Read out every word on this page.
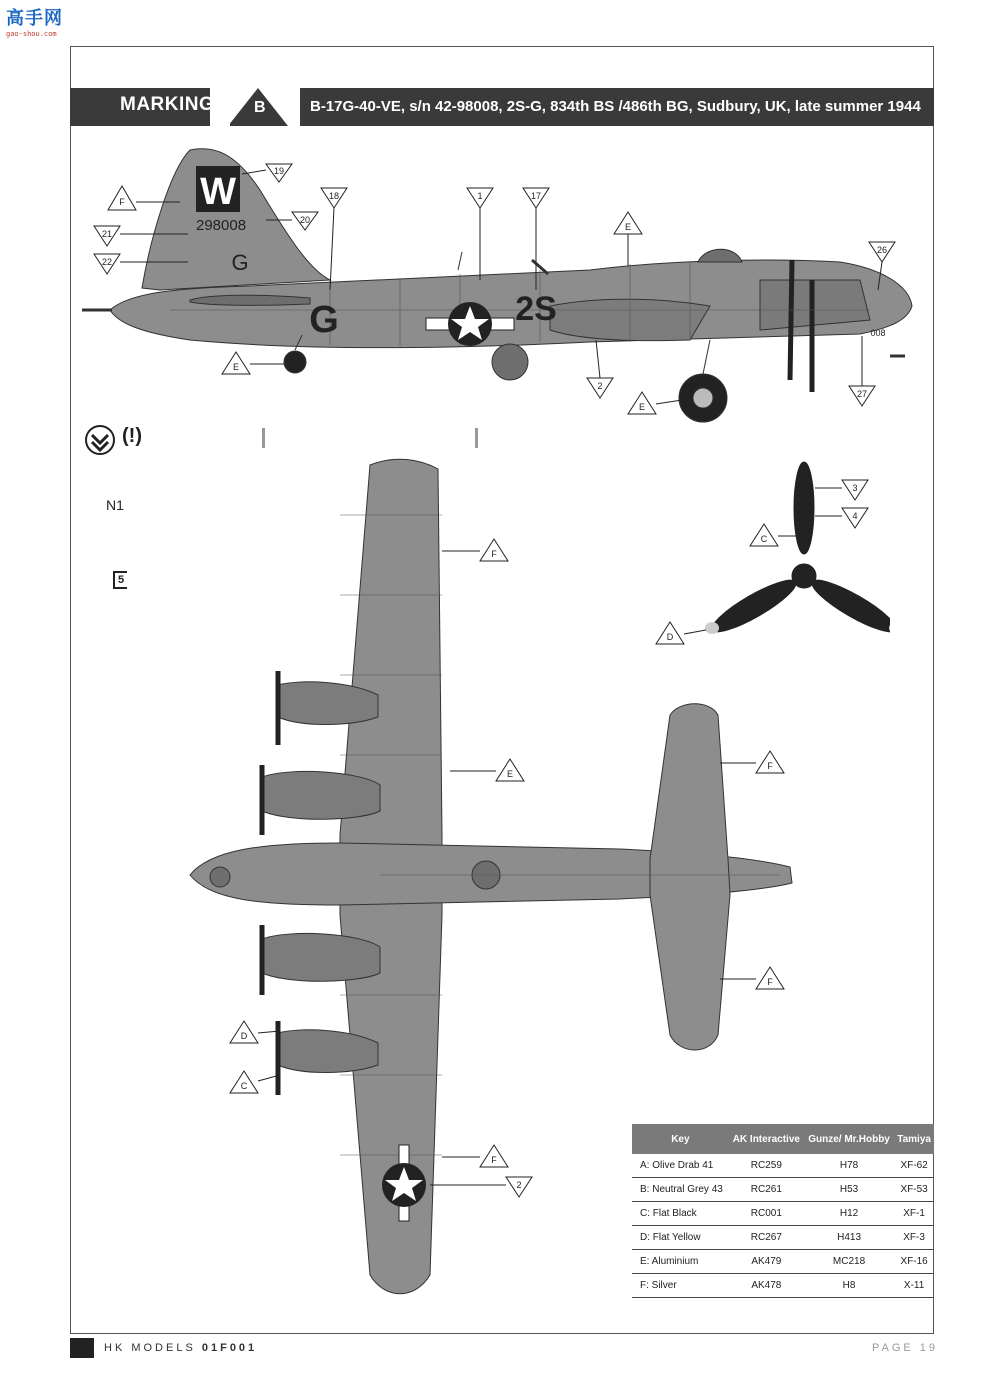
高手网
gao-shou.com
MARKING B	B-17G-40-VE, s/n 42-98008, 2S-G, 834th BS /486th BG, Sudbury, UK, late summer 1944
W
298008
G
G	2S
008
19
F
20
21
22
18	1	17
E
26
E
2
E
27
(!)
N1
5
3
4
C
D
F
E
F
F
D
C
F
2
Key	AK Interactive	Gunze/ Mr.Hobby	Tamiya
A: Olive Drab 41	RC259	H78	XF-62
B: Neutral Grey 43	RC261	H53	XF-53
C: Flat Black	RC001	H12	XF-1
D: Flat Yellow	RC267	H413	XF-3
E: Aluminium	AK479	MC218	XF-16
F: Silver	AK478	H8	X-11
HK MODELS 01F001	PAGE 19
